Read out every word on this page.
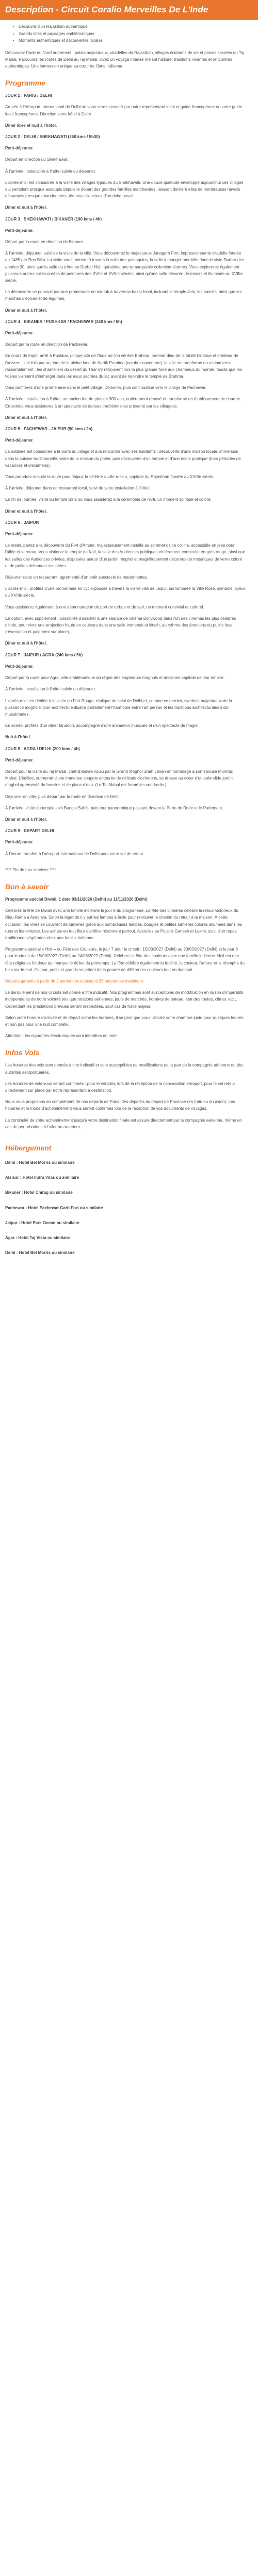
Description - Circuit Coralio Merveilles De L'Inde
• Découvrir d'un Rajasthan authentique
• Grands sites et paysages emblématiques
• Moments authentiques et découvertes locales

Découvrez l'Inde du Nord autrement : palais majestueux, citadelles du Rajasthan, villages éclatants de vie et places sacrées du Taj Mahal. Parcourez les routes de Delhi au Taj Mahal, vivez un voyage intense mêlant histoire, traditions vivantes et rencontres authentiques. Une immersion unique au cœur de l'âme indienne.

Programme

JOUR 1 : PARIS / DELHI

Arrivée à l'Aéroport International de Delhi où vous serez accueilli par notre représentant local et guide francophone ou votre guide local francophone. Direction votre hôtel à Delhi.

Dîner libre et nuit à l'hôtel.

JOUR 2 : DELHI / SHEKHAWATI (260 kms / 5h30)

Petit-déjeuner.

Départ en direction du Shekhawati.

À l'arrivée, installation à l'hôtel suivie du déjeuner.

L'après-midi est consacrée à la visite des villages typiques du Shekhawati. Une douce quiétude enveloppe aujourd'hui ces villages qui semblent presque assoupis depuis le départ des grandes familles marchandes, laissant derrière elles de nombreuses havelis désormais presque abandonnées, témoins silencieux d'un riche passé.

Dîner et nuit à l'hôtel.

JOUR 3 : SHEKHAWATI / BIKANER (190 kms / 4h)

Petit-déjeuner.

Départ par la route en direction de Bikaner.

À l'arrivée, déjeuner, suivi de la visite de la ville. Vous découvrirez le majestueux Junagarh Fort, impressionnante citadelle fondée en 1485 par Rao Bika. La visite vous mènera à travers la salle des palanquins, la salle à manger meublée dans le style Durbar des années 30, ainsi que la salle du trône en Durbar Hall, qui abrite une remarquable collection d'armes. Vous explorerez également plusieurs autres salles ornées de peintures des XVIIe et XVIIIe siècles, ainsi qu'une salle décorée de miroirs et illuminée au XVIIIe siècle.

La découverte se poursuit par une promenade en tuk-tuk à travers la bazar local, incluant le temple Jain, les havelis, ainsi que les marchés d'épices et de légumes.

Dîner et nuit à l'hôtel.

JOUR 4 : BIKANER / PUSHKAR / PACHEWAR (340 kms / 6h)

Petit-déjeuner.

Départ par la route en direction de Pachewar.

En cours de trajet, arrêt à Pushkar, unique cité de l'Inde où l'on vénère Brahma, premier dieu de la trinité hindoue et créateur de l'univers. Une fois par an, lors de la pleine lune de Kartik Purnima (octobre-novembre), la ville se transforme en un immense rassemblement : les chameliers du désert du Thar s'y retrouvent lors la plus grande foire aux chameaux du monde, tandis que les fidèles viennent s'immerger dans les eaux sacrées du lac avant de rejoindre le temple de Brahma.

Vous profiterez d'une promenade dans le petit village. Déjeuner, puis continuation vers le village de Pachewar.

À l'arrivée, installation à l'hôtel, un ancien fort de plus de 300 ans, entièrement rénové et transformé en établissement de charme. En soirée, vous assisterez à un spectacle de danses traditionnelles présenté par les villageois.

Dîner et nuit à l'hôtel.

JOUR 5 : PACHEWAR - JAIPUR (90 kms / 2h)

Petit-déjeuner.

La matinée est consacrée à la visite du village et à la rencontre avec ses habitants : découverte d'une maison locale, immersion dans la cuisine traditionnelle, visite de la maison du potier, puis découverte d'un temple et d'une école publique (hors périodes de vacances et d'examens).

Vous prendrez ensuite la route pour Jaipur, la célèbre « ville rose », capitale du Rajasthan fondée au XVIIIe siècle.

À l'arrivée, déjeuner dans un restaurant local, suivi de votre installation à l'hôtel.

En fin de journée, visite du temple Birla où vous assisterez à la cérémonie de l'Arti, un moment spirituel et coloré.

Dîner et nuit à l'hôtel.

JOUR 6 : JAIPUR

Petit-déjeuner.

Le matin, partez à la découverte du Fort d'Amber, majestueusement installé au sommet d'une colline, accessible en jeep pour l'allée et le retour. Vous visiterez le temple de Kali, la salle des Audiences publiques entièrement construite en grès rouge, ainsi que les salles des Audiences privées, disposées autour d'un jardin moghol et magnifiquement décorées de mosaïques de verre coloré et de petites richement sculptées.

Déjeuner dans un restaurant, agrémenté d'un petit spectacle de marionnettes.

L'après-midi, profitez d'une promenade en cyclo-pousse à travers la vieille ville de Jaipur, surnommée la Ville Rose, symbole joyeux du XVIIIe siècle.

Vous assisterez également à une démonstration de port de turban et de sari, un moment convivial et culturel.

En option, avec supplément : possibilité d'assister à une séance de cinéma Bollywood dans l'un des cinémas les plus célèbres d'Inde, pour vivre une projection haute en couleurs dans une salle immense et kitsch, au rythme des émotions du public local (réservation et paiement sur place).

Dîner et nuit à l'hôtel.

JOUR 7 : JAIPUR / AGRA (240 kms / 5h)

Petit-déjeuner.

Départ par la route pour Agra, ville emblématique du règne des empereurs moghols et ancienne capitale de leur empire.

À l'arrivée, installation à l'hôtel suivie du déjeuner.

L'après-midi est dédiée à la visite du Fort Rouge, réplique de celui de Delhi et, comme ce dernier, symbole majestueux de la puissance moghole. Son architecture illustre parfaitement l'harmonie entre l'art persan et les traditions architecturales indo-musulmanes.

En soirée, profitez d'un dîner tandoori, accompagné d'une animation musicale et d'un spectacle de magie.

Nuit à l'hôtel.

JOUR 8 : AGRA / DELHI (200 kms / 4h)

Petit-déjeuner.

Départ pour la visite du Taj Mahal, chef-d'œuvre voulu par le Grand Moghol Shah Jahan en hommage à son épouse Mumtaz Mahal. L'édifice, surmonté d'une immense coupole entourée de délicats clochetons, se dresse au cœur d'un splendide jardin moghol agrémenté de bassins et de plans d'eau. (Le Taj Mahal est fermé les vendredis.)

Déjeuner en ville, puis départ par la route en direction de Delhi.

À l'arrivée, visite du temple sikh Bangla Sahib, puis tour panoramique passant devant la Porte de l'Inde et le Parlement.

Dîner et nuit à l'hôtel.

JOUR 9 : DEPART DELHI

Petit-déjeuner.

À l'heure transfert à l'aéroport International de Delhi pour votre vol de retour.

**** Fin de nos services ****
Bon à savoir

Programme spécial Diwali, 1 date 03/11/2026 (Delhi) au 11/11/2026 (Delhi)

Célébrez la fête de Diwali avec une famille indienne le jour 8 du programme. La fête des lumières célèbre la retour victorieux du Dieu Rama à Ayodhya. Selon la légende il y eut les lampes à huile pour retrouver le chemin du retour à la maison. À cette occasion, les villes se couvrent de lumières grâce aux nombreuses lampes, bougies et petites lumières colorés allumées dans les rues et les temples. Les achats en tout fleur d'artifice résonnent partout. Associez au Pujar à Ganesh et Laxmi, suivi d'un repas traditionnel végétarien chez une famille indienne.

Programme spécial « Holi » ou Fête des Couleurs, le jour 7 pour le circuit : 15/03/2027 (Delhi) au 23/03/2027 (Delhi) et le jour 8 pour le circuit du 15/03/2027 (Delhi) au 24/03/2027 (Delhi). Célébrez la fête des couleurs avec une famille indienne. Holi est une fête religieuse hindoue qui marque le début du printemps. La fête célèbre également la fertilité, la couleur, l'amour et le triomphe du bien sur le mal. Ce jour, petits et grands se jettent de la poudre de différentes couleurs tout en dansant.

Départs garantis à partir de 2 personnes et jusqu'à 35 personnes maximum.

Le déroulement de nos circuits est donné à titre indicatif. Nos programmes sont susceptibles de modification en raison d'impératifs indépendants de notre volonté tels que rotations aériennes, jours de marchés, horaires de bateau, état des routes, climat, etc... Cependant les prestations prévues seront respectées, sauf cas de force majeur.

Selon votre horaire d'arrivée et de départ selon les horaires, il se peut que vous utilisiez votre chambre juste pour quelques heures et non pas pour une nuit complète.

Attention : les cigarettes électroniques sont interdites en Inde

Infos Vols

Les horaires des vols sont donnés à titre indicatif et sont susceptibles de modifications de la part de la compagnie aérienne ou des autorités aéroportuaires.

Les horaires de vols vous seront confirmés : pour le vol aller, lors de la réception de la convocation aéroport, pour le vol retour directement sur place par notre représentant à destination.

Nous vous proposons en complément de nos départs de Paris, des départ-s au départ de Province (en train ou en avion). Les horaires et le mode d'acheminement vous seront confirmés lors de la réception de vos documents de voyages.

La continuité de votre acheminement jusqu'à votre destination finale est assuré directement par la compagnie aérienne, même en cas de perturbations à l'aller ou au retour.

Hébergement
Delhi : Hotel Bel Morris ou similaire
Alsisar : Hotel Indra Vilas ou similaire
Bikaner : Hotel Chirag ou similaire
Pachewar : Hotel Pachewar Garh Fort ou similaire
Jaipur : Hotel Park Ocean ou similaire
Agra : Hotel Taj Vista ou similaire
Delhi : Hotel Bel Morris ou similaire
